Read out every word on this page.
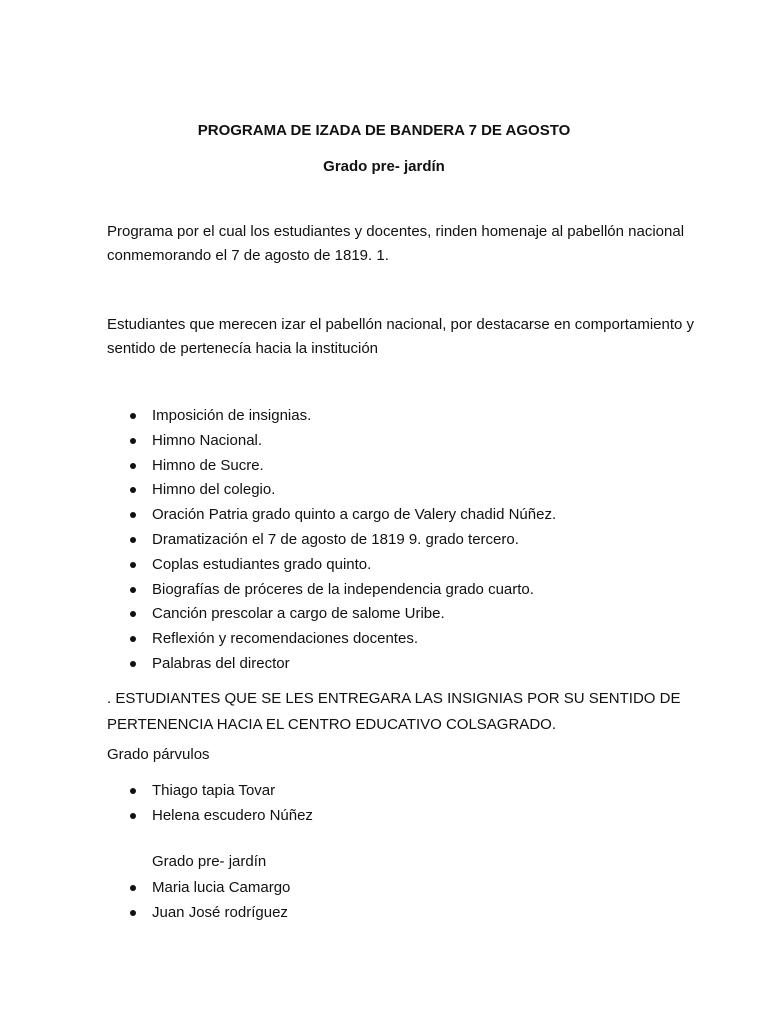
PROGRAMA DE IZADA DE BANDERA 7 DE AGOSTO

Grado pre- jardín

Programa por el cual los estudiantes y docentes, rinden homenaje al pabellón nacional conmemorando el 7 de agosto de 1819. 1.

Estudiantes que merecen izar el pabellón nacional, por destacarse en comportamiento y sentido de pertenecía hacia la institución

Imposición de insignias.
Himno Nacional.
Himno de Sucre.
Himno del colegio.
Oración Patria grado quinto a cargo de Valery chadid Núñez.
Dramatización el 7 de agosto de 1819 9. grado tercero.
Coplas estudiantes grado quinto.
Biografías de próceres de la independencia grado cuarto.
Canción prescolar a cargo de salome Uribe.
Reflexión y recomendaciones docentes.
Palabras del director

. ESTUDIANTES QUE SE LES ENTREGARA LAS INSIGNIAS POR SU SENTIDO DE PERTENENCIA HACIA EL CENTRO EDUCATIVO COLSAGRADO.

Grado párvulos

Thiago tapia Tovar
Helena escudero Núñez

Grado pre- jardín

Maria lucia Camargo
Juan José rodríguez
